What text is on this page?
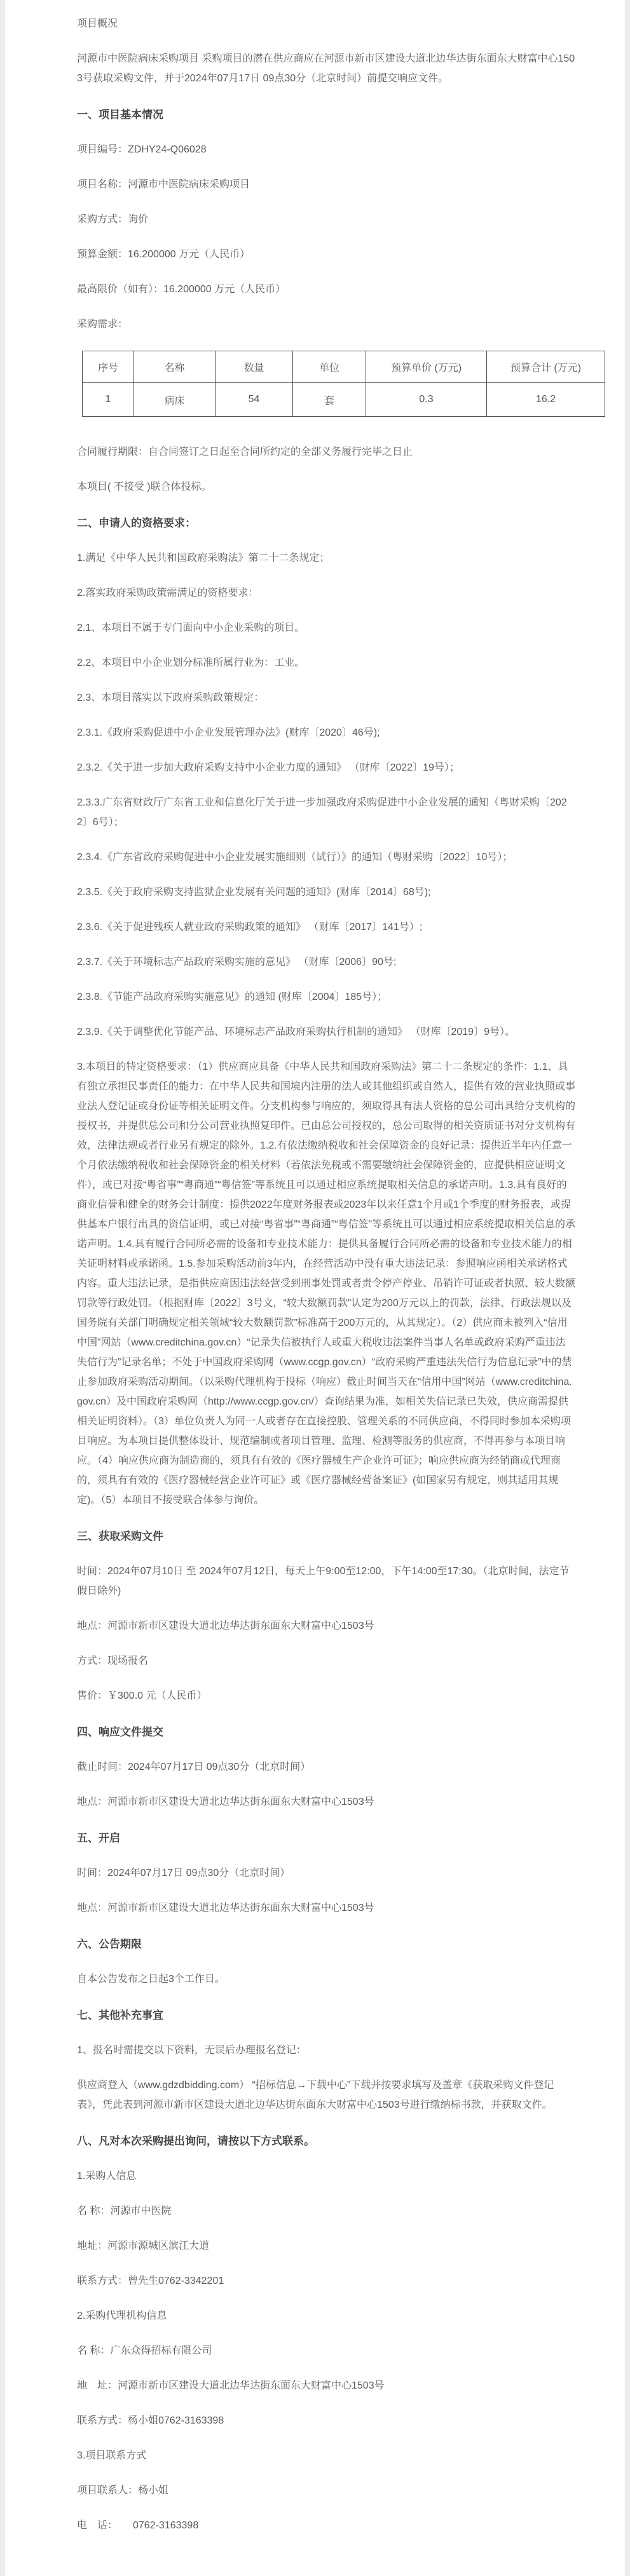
项目概况

河源市中医院病床采购项目 采购项目的潜在供应商应在河源市新市区建设大道北边华达街东面东大财富中心1503号获取采购文件，并于2024年07月17日 09点30分（北京时间）前提交响应文件。

一、项目基本情况

项目编号：ZDHY24-Q06028

项目名称：河源市中医院病床采购项目

采购方式：询价

预算金额：16.200000 万元（人民币）

最高限价（如有）：16.200000 万元（人民币）

采购需求：

序号	名称	数量	单位	预算单价 (万元)	预算合计 (万元)
1	病床	54	套	0.3	16.2

合同履行期限：自合同签订之日起至合同所约定的全部义务履行完毕之日止

本项目( 不接受 )联合体投标。

二、申请人的资格要求：

1.满足《中华人民共和国政府采购法》第二十二条规定；

2.落实政府采购政策需满足的资格要求：

2.1、本项目不属于专门面向中小企业采购的项目。

2.2、本项目中小企业划分标准所属行业为：工业。

2.3、本项目落实以下政府采购政策规定：

2.3.1.《政府采购促进中小企业发展管理办法》(财库〔2020〕46号);

2.3.2.《关于进一步加大政府采购支持中小企业力度的通知》 （财库〔2022〕19号）；

2.3.3.广东省财政厅广东省工业和信息化厅关于进一步加强政府采购促进中小企业发展的通知（粤财采购〔2022〕6号）；

2.3.4.《广东省政府采购促进中小企业发展实施细则（试行）》的通知（粤财采购〔2022〕10号）；

2.3.5.《关于政府采购支持监狱企业发展有关问题的通知》(财库〔2014〕68号);

2.3.6.《关于促进残疾人就业政府采购政策的通知》 （财库〔2017〕141号）;

2.3.7.《关于环境标志产品政府采购实施的意见》 （财库〔2006〕90号;

2.3.8.《节能产品政府采购实施意见》的通知 (财库〔2004〕185号）；

2.3.9.《关于调整优化节能产品、环境标志产品政府采购执行机制的通知》 （财库〔2019〕9号）。

3.本项目的特定资格要求：（1）供应商应具备《中华人民共和国政府采购法》第二十二条规定的条件：1.1、具有独立承担民事责任的能力：在中华人民共和国境内注册的法人或其他组织或自然人，提供有效的营业执照或事业法人登记证或身份证等相关证明文件。分支机构参与响应的，须取得具有法人资格的总公司出具给分支机构的授权书，并提供总公司和分公司营业执照复印件。已由总公司授权的，总公司取得的相关资质证书对分支机构有效，法律法规或者行业另有规定的除外。1.2.有依法缴纳税收和社会保障资金的良好记录：提供近半年内任意一个月依法缴纳税收和社会保障资金的相关材料（若依法免税或不需要缴纳社会保障资金的，应提供相应证明文件），或已对接“粤省事”“粤商通”“粤信签”等系统且可以通过相应系统提取相关信息的承诺声明。1.3.具有良好的商业信誉和健全的财务会计制度：提供2022年度财务报表或2023年以来任意1个月或1个季度的财务报表，或提供基本户银行出具的资信证明，或已对接“粤省事”“粤商通”“粤信签”等系统且可以通过相应系统提取相关信息的承诺声明。1.4.具有履行合同所必需的设备和专业技术能力：提供具备履行合同所必需的设备和专业技术能力的相关证明材料或承诺函。1.5.参加采购活动前3年内，在经营活动中没有重大违法记录：参照响应函相关承诺格式内容。重大违法记录，是指供应商因违法经营受到刑事处罚或者责令停产停业、吊销许可证或者执照、较大数额罚款等行政处罚。（根据财库〔2022〕3号文，“较大数额罚款”认定为200万元以上的罚款，法律、行政法规以及国务院有关部门明确规定相关领域“较大数额罚款”标准高于200万元的，从其规定）。（2）供应商未被列入“信用中国”网站（www.creditchina.gov.cn）“记录失信被执行人或重大税收违法案件当事人名单或政府采购严重违法失信行为”记录名单；不处于中国政府采购网（www.ccgp.gov.cn）“政府采购严重违法失信行为信息记录”中的禁止参加政府采购活动期间。（以采购代理机构于投标（响应）截止时间当天在“信用中国”网站（www.creditchina.gov.cn）及中国政府采购网（http://www.ccgp.gov.cn/）查询结果为准，如相关失信记录已失效，供应商需提供相关证明资料）。（3）单位负责人为同一人或者存在直接控股、管理关系的不同供应商，不得同时参加本采购项目响应。为本项目提供整体设计、规范编制或者项目管理、监理、检测等服务的供应商，不得再参与本项目响应。（4）响应供应商为制造商的，须具有有效的《医疗器械生产企业许可证》；响应供应商为经销商或代理商的，须具有有效的《医疗器械经营企业许可证》或《医疗器械经营备案证》(如国家另有规定，则其适用其规定)。（5）本项目不接受联合体参与询价。

三、获取采购文件

时间：2024年07月10日 至 2024年07月12日，每天上午9:00至12:00，下午14:00至17:30。（北京时间，法定节假日除外)

地点：河源市新市区建设大道北边华达街东面东大财富中心1503号

方式：现场报名

售价：￥300.0 元（人民币）

四、响应文件提交

截止时间：2024年07月17日 09点30分（北京时间）

地点：河源市新市区建设大道北边华达街东面东大财富中心1503号

五、开启

时间：2024年07月17日 09点30分（北京时间）

地点：河源市新市区建设大道北边华达街东面东大财富中心1503号

六、公告期限

自本公告发布之日起3个工作日。

七、其他补充事宜

1、报名时需提交以下资料，无误后办理报名登记：

供应商登入（www.gdzdbidding.com） “招标信息→下载中心”下载并按要求填写及盖章《获取采购文件登记表》，凭此表到河源市新市区建设大道北边华达街东面东大财富中心1503号进行缴纳标书款，并获取文件。

八、凡对本次采购提出询问，请按以下方式联系。

1.采购人信息

名 称：河源市中医院

地址：河源市源城区滨江大道

联系方式：曾先生0762-3342201

2.采购代理机构信息

名 称：广东众得招标有限公司

地　址：河源市新市区建设大道北边华达街东面东大财富中心1503号

联系方式：杨小姐0762-3163398

3.项目联系方式

项目联系人：杨小姐

电　话：　　0762-3163398
